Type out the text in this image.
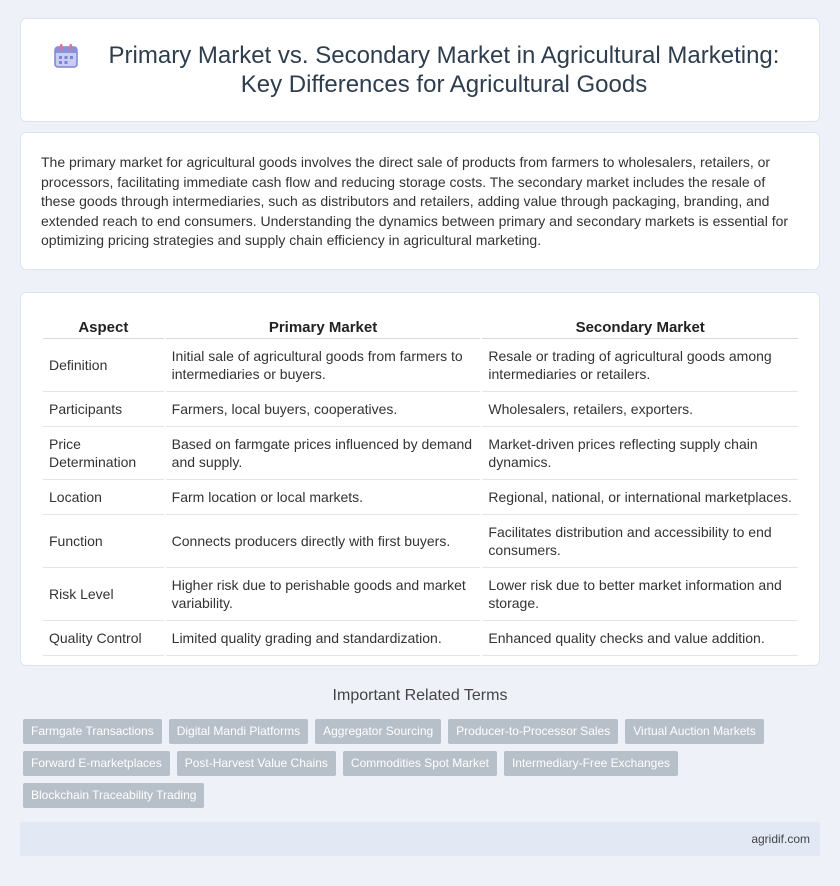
Primary Market vs. Secondary Market in Agricultural Marketing: Key Differences for Agricultural Goods

The primary market for agricultural goods involves the direct sale of products from farmers to wholesalers, retailers, or processors, facilitating immediate cash flow and reducing storage costs. The secondary market includes the resale of these goods through intermediaries, such as distributors and retailers, adding value through packaging, branding, and extended reach to end consumers. Understanding the dynamics between primary and secondary markets is essential for optimizing pricing strategies and supply chain efficiency in agricultural marketing.

Aspect	Primary Market	Secondary Market
Definition	Initial sale of agricultural goods from farmers to intermediaries or buyers.	Resale or trading of agricultural goods among intermediaries or retailers.
Participants	Farmers, local buyers, cooperatives.	Wholesalers, retailers, exporters.
Price Determination	Based on farmgate prices influenced by demand and supply.	Market-driven prices reflecting supply chain dynamics.
Location	Farm location or local markets.	Regional, national, or international marketplaces.
Function	Connects producers directly with first buyers.	Facilitates distribution and accessibility to end consumers.
Risk Level	Higher risk due to perishable goods and market variability.	Lower risk due to better market information and storage.
Quality Control	Limited quality grading and standardization.	Enhanced quality checks and value addition.
Important Related Terms
Farmgate Transactions	Digital Mandi Platforms	Aggregator Sourcing	Producer-to-Processor Sales	Virtual Auction Markets
Forward E-marketplaces	Post-Harvest Value Chains	Commodities Spot Market	Intermediary-Free Exchanges
Blockchain Traceability Trading
agridif.com
